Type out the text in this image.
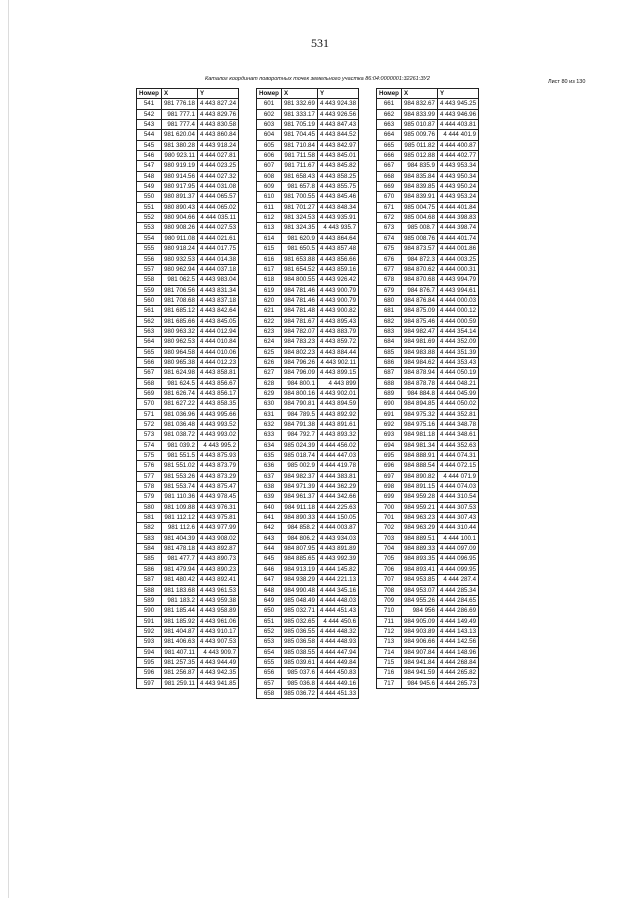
531
Каталог координат поворотных точек земельного участка 86:04:0000001:32261:ЗУ2	Лист 80 из 130
Номер	X	Y
541	981 776.18	4 443 827.24
542	981 777.1	4 443 829.76
543	981 777.4	4 443 830.58
544	981 620.04	4 443 860.84
545	981 380.28	4 443 918.24
546	980 923.11	4 444 027.81
547	980 919.19	4 444 023.25
548	980 914.56	4 444 027.32
549	980 917.95	4 444 031.08
550	980 891.37	4 444 065.57
551	980 890.43	4 444 065.02
552	980 904.66	4 444 035.11
553	980 908.26	4 444 027.53
554	980 911.08	4 444 021.61
555	980 918.24	4 444 017.75
556	980 932.53	4 444 014.38
557	980 962.94	4 444 037.18
558	981 062.5	4 443 983.04
559	981 706.56	4 443 831.34
560	981 708.68	4 443 837.18
561	981 685.12	4 443 842.64
562	981 685.66	4 443 845.05
563	980 963.32	4 444 012.94
564	980 962.53	4 444 010.84
565	980 964.58	4 444 010.06
566	980 965.38	4 444 012.23
567	981 624.98	4 443 858.81
568	981 624.5	4 443 856.67
569	981 626.74	4 443 856.17
570	981 627.22	4 443 858.35
571	981 036.96	4 443 995.66
572	981 036.48	4 443 993.52
573	981 038.72	4 443 993.02
574	981 039.2	4 443 995.2
575	981 551.5	4 443 875.93
576	981 551.02	4 443 873.79
577	981 553.26	4 443 873.29
578	981 553.74	4 443 875.47
579	981 110.36	4 443 978.45
580	981 109.88	4 443 976.31
581	981 112.12	4 443 975.81
582	981 112.6	4 443 977.99
583	981 404.39	4 443 908.02
584	981 478.18	4 443 892.87
585	981 477.7	4 443 890.73
586	981 479.94	4 443 890.23
587	981 480.42	4 443 892.41
588	981 183.68	4 443 961.53
589	981 183.2	4 443 959.38
590	981 185.44	4 443 958.89
591	981 185.92	4 443 961.06
592	981 404.87	4 443 910.17
593	981 406.63	4 443 907.53
594	981 407.11	4 443 909.7
595	981 257.35	4 443 944.49
596	981 256.87	4 443 942.35
597	981 259.11	4 443 941.85
Номер	X	Y
601	981 332.69	4 443 924.38
602	981 333.17	4 443 926.56
603	981 705.19	4 443 847.43
604	981 704.45	4 443 844.52
605	981 710.84	4 443 842.97
606	981 711.58	4 443 845.01
607	981 711.67	4 443 845.82
608	981 658.43	4 443 858.25
609	981 657.8	4 443 855.75
610	981 700.55	4 443 845.46
611	981 701.27	4 443 848.34
612	981 324.53	4 443 935.91
613	981 324.35	4 443 935.7
614	981 620.9	4 443 864.64
615	981 650.5	4 443 857.48
616	981 653.88	4 443 856.66
617	981 654.52	4 443 859.16
618	984 800.55	4 443 926.42
619	984 781.46	4 443 900.79
620	984 781.46	4 443 900.79
621	984 781.48	4 443 900.82
622	984 781.67	4 443 895.43
623	984 782.07	4 443 883.79
624	984 783.23	4 443 859.72
625	984 802.23	4 443 884.44
626	984 796.26	4 443 902.11
627	984 796.09	4 443 899.15
628	984 800.1	4 443 899
629	984 800.16	4 443 902.01
630	984 790.81	4 443 894.59
631	984 789.5	4 443 892.92
632	984 791.38	4 443 891.61
633	984 792.7	4 443 893.32
634	985 024.39	4 444 456.02
635	985 018.74	4 444 447.03
636	985 002.9	4 444 419.78
637	984 982.37	4 444 383.81
638	984 971.39	4 444 362.29
639	984 961.37	4 444 342.66
640	984 911.18	4 444 225.63
641	984 890.33	4 444 150.05
642	984 858.2	4 444 003.87
643	984 806.2	4 443 934.03
644	984 807.95	4 443 891.89
645	984 885.65	4 443 992.39
646	984 913.19	4 444 145.82
647	984 938.29	4 444 221.13
648	984 990.48	4 444 345.16
649	985 048.49	4 444 448.03
650	985 032.71	4 444 451.43
651	985 032.65	4 444 450.6
652	985 036.55	4 444 448.32
653	985 036.58	4 444 448.93
654	985 038.55	4 444 447.94
655	985 039.61	4 444 449.84
656	985 037.6	4 444 450.83
657	985 036.8	4 444 449.16
658	985 036.72	4 444 451.33
Номер	X	Y
661	984 832.67	4 443 945.25
662	984 833.99	4 443 946.96
663	985 010.87	4 444 403.81
664	985 009.76	4 444 401.9
665	985 011.82	4 444 400.87
666	985 012.88	4 444 402.77
667	984 835.9	4 443 953.34
668	984 835.84	4 443 950.34
669	984 839.85	4 443 950.24
670	984 839.91	4 443 953.24
671	985 004.75	4 444 401.84
672	985 004.68	4 444 398.83
673	985 008.7	4 444 398.74
674	985 008.76	4 444 401.74
675	984 873.57	4 444 001.86
676	984 872.3	4 444 003.25
677	984 870.62	4 444 000.31
678	984 870.68	4 443 994.79
679	984 876.7	4 443 994.61
680	984 876.84	4 444 000.03
681	984 875.09	4 444 000.12
682	984 875.46	4 444 000.59
683	984 982.47	4 444 354.14
684	984 981.69	4 444 352.09
685	984 983.88	4 444 351.39
686	984 984.62	4 444 353.43
687	984 878.94	4 444 050.19
688	984 878.78	4 444 048.21
689	984 884.8	4 444 045.99
690	984 894.85	4 444 050.02
691	984 975.32	4 444 352.81
692	984 975.16	4 444 348.78
693	984 981.18	4 444 348.61
694	984 981.34	4 444 352.63
695	984 888.91	4 444 074.31
696	984 888.54	4 444 072.15
697	984 890.82	4 444 071.9
698	984 891.15	4 444 074.03
699	984 959.28	4 444 310.54
700	984 959.21	4 444 307.53
701	984 963.23	4 444 307.43
702	984 963.29	4 444 310.44
703	984 889.51	4 444 100.1
704	984 889.33	4 444 097.09
705	984 893.35	4 444 096.95
706	984 893.41	4 444 099.95
707	984 953.85	4 444 287.4
708	984 953.07	4 444 285.34
709	984 955.26	4 444 284.65
710	984 956	4 444 286.69
711	984 905.09	4 444 149.49
712	984 903.89	4 444 143.13
713	984 906.66	4 444 142.56
714	984 907.84	4 444 148.96
715	984 941.84	4 444 268.84
716	984 941.59	4 444 265.82
717	984 945.6	4 444 265.73
